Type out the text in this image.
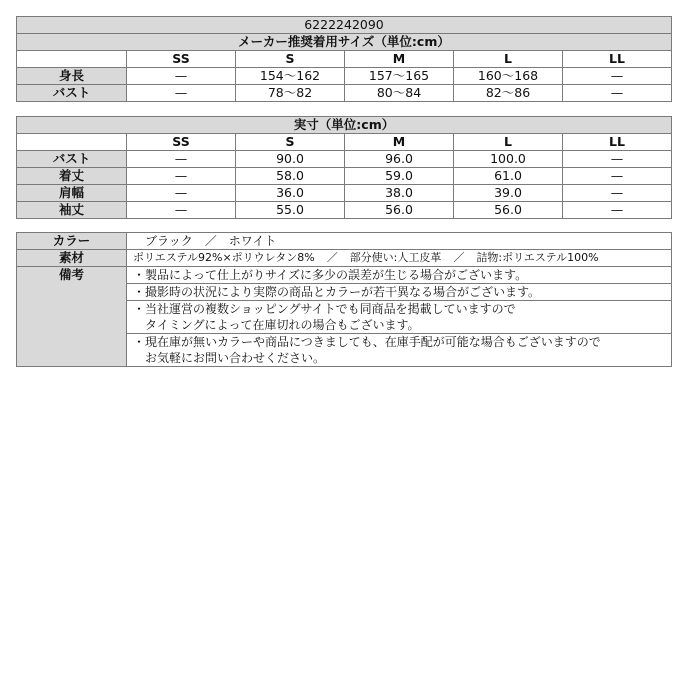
6222242090					
メーカー推奨着用サイズ（単位:cm）					
	SS	S	M	L	LL
身長	—	154〜162	157〜165	160〜168	—
バスト	—	78〜82	80〜84	82〜86	—
実寸（単位:cm）					
	SS	S	M	L	LL
バスト	—	90.0	96.0	100.0	—
着丈	—	58.0	59.0	61.0	—
肩幅	—	36.0	38.0	39.0	—
袖丈	—	55.0	56.0	56.0	—
カラー	ブラック ／ ホワイト
素材	ポリエステル92%×ポリウレタン8% ／ 部分使い:人工皮革 ／ 詰物:ポリエステル100%
備考	・製品によって仕上がりサイズに多少の誤差が生じる場合がございます。

	・撮影時の状況により実際の商品とカラーが若干異なる場合がございます。

	・当社運営の複数ショッピングサイトでも同商品を掲載していますので
タイミングによって在庫切れの場合もございます。

	・現在庫が無いカラーや商品につきましても、在庫手配が可能な場合もございますので
お気軽にお問い合わせください。
